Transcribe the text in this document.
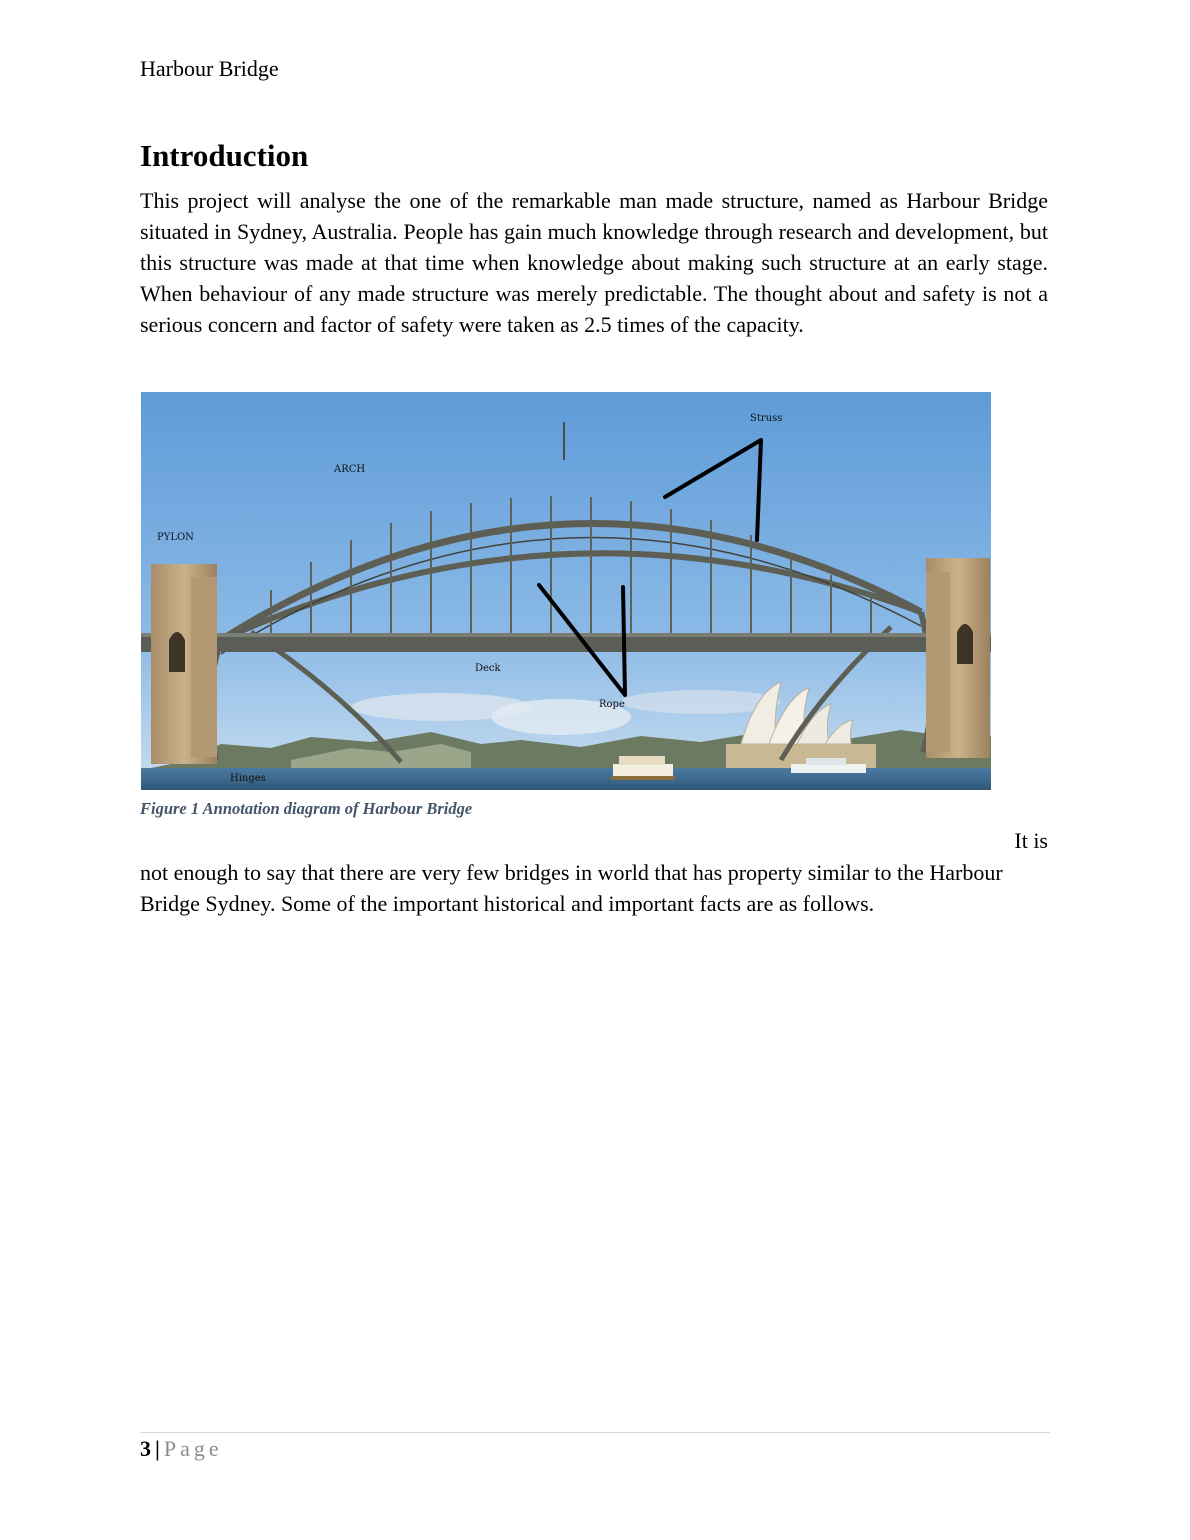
Harbour Bridge
Introduction

This project will analyse the one of the remarkable man made structure, named as Harbour Bridge situated in Sydney, Australia. People has gain much knowledge through research and development, but this structure was made at that time when knowledge about making such structure at an early stage. When behaviour of any made structure was merely predictable. The thought about and safety is not a serious concern and factor of safety were taken as 2.5 times of the capacity.

ARCH
PYLON
Struss
Deck
Rope
Hinges
Figure 1 Annotation diagram of Harbour Bridge
It is

not enough to say that there are very few bridges in world that has property similar to the Harbour Bridge Sydney. Some of the important historical and important facts are as follows.

3 | Page
